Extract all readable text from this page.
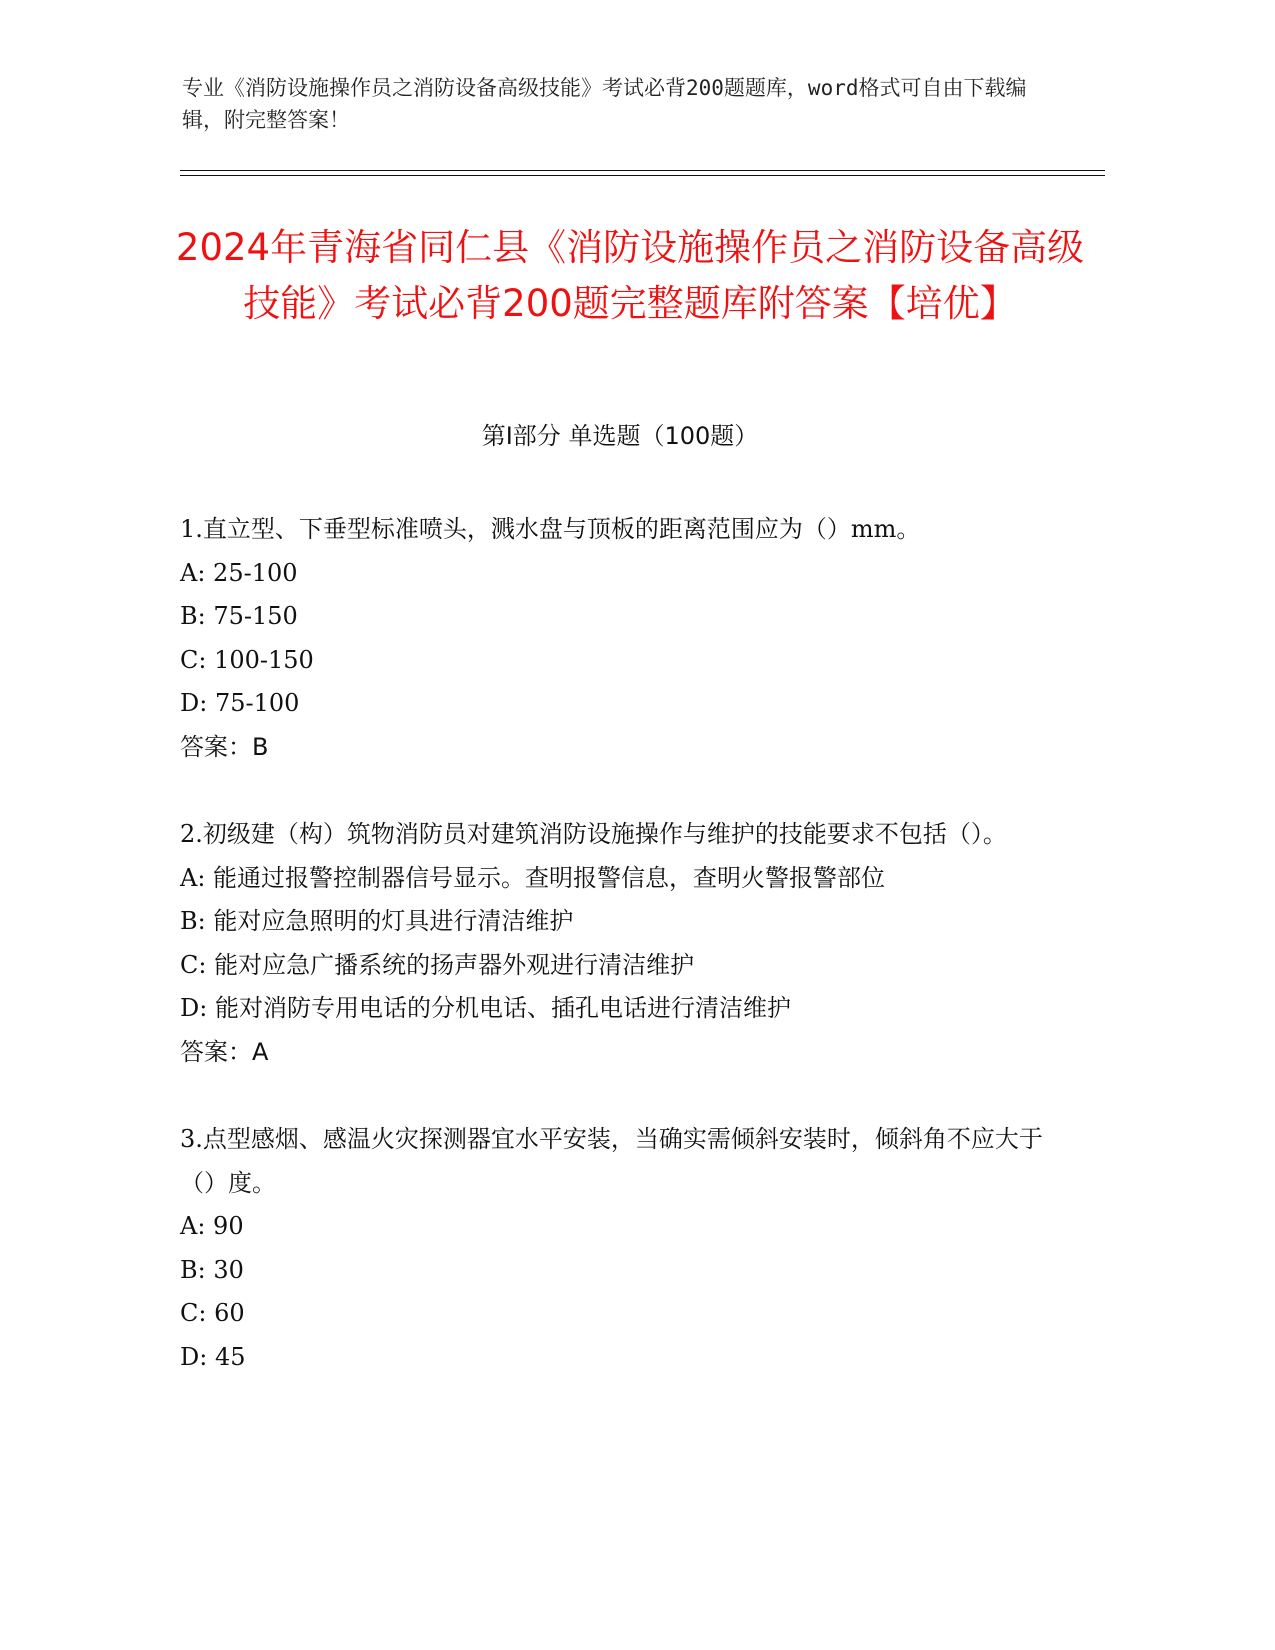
专业《消防设施操作员之消防设备高级技能》考试必背200题题库，word格式可自由下载编辑，附完整答案！
2024年青海省同仁县《消防设施操作员之消防设备高级技能》考试必背200题完整题库附答案【培优】
第Ⅰ部分 单选题（100题）
1.直立型、下垂型标准喷头，溅水盘与顶板的距离范围应为（）mm。
A: 25-100
B: 75-150
C: 100-150
D: 75-100
答案：B
2.初级建（构）筑物消防员对建筑消防设施操作与维护的技能要求不包括（）。
A: 能通过报警控制器信号显示。查明报警信息，查明火警报警部位
B: 能对应急照明的灯具进行清洁维护
C: 能对应急广播系统的扬声器外观进行清洁维护
D: 能对消防专用电话的分机电话、插孔电话进行清洁维护
答案：A
3.点型感烟、感温火灾探测器宜水平安装，当确实需倾斜安装时，倾斜角不应大于（）度。
A: 90
B: 30
C: 60
D: 45
